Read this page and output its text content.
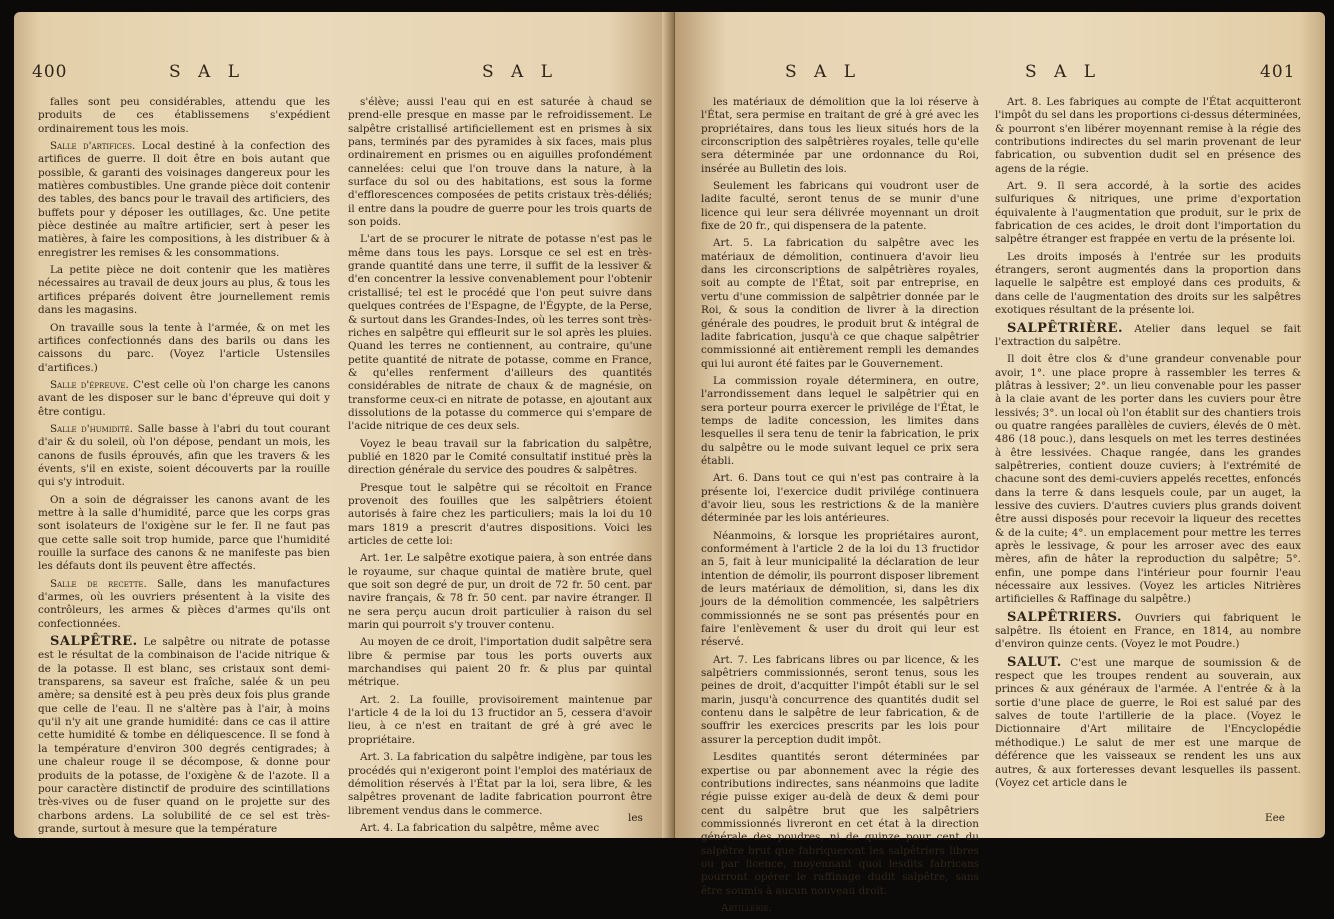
400	S A L	S A L

falles sont peu considérables, attendu que les produits de ces établissemens s'expédient ordinairement tous les mois.

Salle d'artifices. Local destiné à la confection des artifices de guerre. Il doit être en bois autant que possible, & garanti des voisinages dangereux pour les matières combustibles. Une grande pièce doit contenir des tables, des bancs pour le travail des artificiers, des buffets pour y déposer les outillages, &c. Une petite pièce destinée au maître artificier, sert à peser les matières, à faire les compositions, à les distribuer & à enregistrer les remises & les consommations.

La petite pièce ne doit contenir que les matières nécessaires au travail de deux jours au plus, & tous les artifices préparés doivent être journellement remis dans les magasins.

On travaille sous la tente à l'armée, & on met les artifices confectionnés dans des barils ou dans les caissons du parc. (Voyez l'article Ustensiles d'artifices.)

Salle d'épreuve. C'est celle où l'on charge les canons avant de les disposer sur le banc d'épreuve qui doit y être contigu.

Salle d'humidité. Salle basse à l'abri du tout courant d'air & du soleil, où l'on dépose, pendant un mois, les canons de fusils éprouvés, afin que les travers & les évents, s'il en existe, soient découverts par la rouille qui s'y introduit.

On a soin de dégraisser les canons avant de les mettre à la salle d'humidité, parce que les corps gras sont isolateurs de l'oxigène sur le fer. Il ne faut pas que cette salle soit trop humide, parce que l'humidité rouille la surface des canons & ne manifeste pas bien les défauts dont ils peuvent être affectés.

Salle de recette. Salle, dans les manufactures d'armes, où les ouvriers présentent à la visite des contrôleurs, les armes & pièces d'armes qu'ils ont confectionnées.

SALPÊTRE. Le salpêtre ou nitrate de potasse est le résultat de la combinaison de l'acide nitrique & de la potasse. Il est blanc, ses cristaux sont demi-transparens, sa saveur est fraîche, salée & un peu amère; sa densité est à peu près deux fois plus grande que celle de l'eau. Il ne s'altère pas à l'air, à moins qu'il n'y ait une grande humidité: dans ce cas il attire cette humidité & tombe en déliquescence. Il se fond à la température d'environ 300 degrés centigrades; à une chaleur rouge il se décompose, & donne pour produits de la potasse, de l'oxigène & de l'azote. Il a pour caractère distinctif de produire des scintillations très-vives ou de fuser quand on le projette sur des charbons ardens. La solubilité de ce sel est très-grande, surtout à mesure que la température

s'élève; aussi l'eau qui en est saturée à chaud se prend-elle presque en masse par le refroidissement. Le salpêtre cristallisé artificiellement est en prismes à six pans, terminés par des pyramides à six faces, mais plus ordinairement en prismes ou en aiguilles profondément cannelées: celui que l'on trouve dans la nature, à la surface du sol ou des habitations, est sous la forme d'efflorescences composées de petits cristaux très-déliés; il entre dans la poudre de guerre pour les trois quarts de son poids.

L'art de se procurer le nitrate de potasse n'est pas le même dans tous les pays. Lorsque ce sel est en très-grande quantité dans une terre, il suffit de la lessiver & d'en concentrer la lessive convenablement pour l'obtenir cristallisé; tel est le procédé que l'on peut suivre dans quelques contrées de l'Espagne, de l'Égypte, de la Perse, & surtout dans les Grandes-Indes, où les terres sont très-riches en salpêtre qui effleurit sur le sol après les pluies. Quand les terres ne contiennent, au contraire, qu'une petite quantité de nitrate de potasse, comme en France, & qu'elles renferment d'ailleurs des quantités considérables de nitrate de chaux & de magnésie, on transforme ceux-ci en nitrate de potasse, en ajoutant aux dissolutions de la potasse du commerce qui s'empare de l'acide nitrique de ces deux sels.

Voyez le beau travail sur la fabrication du salpêtre, publié en 1820 par le Comité consultatif institué près la direction générale du service des poudres & salpêtres.

Presque tout le salpêtre qui se récoltoit en France provenoit des fouilles que les salpêtriers étoient autorisés à faire chez les particuliers; mais la loi du 10 mars 1819 a prescrit d'autres dispositions. Voici les articles de cette loi:

Art. 1er. Le salpêtre exotique paiera, à son entrée dans le royaume, sur chaque quintal de matière brute, quel que soit son degré de pur, un droit de 72 fr. 50 cent. par navire français, & 78 fr. 50 cent. par navire étranger. Il ne sera perçu aucun droit particulier à raison du sel marin qui pourroit s'y trouver contenu.

Au moyen de ce droit, l'importation dudit salpêtre sera libre & permise par tous les ports ouverts aux marchandises qui paient 20 fr. & plus par quintal métrique.

Art. 2. La fouille, provisoirement maintenue par l'article 4 de la loi du 13 fructidor an 5, cessera d'avoir lieu, à ce n'est en traitant de gré à gré avec le propriétaire.

Art. 3. La fabrication du salpêtre indigène, par tous les procédés qui n'exigeront point l'emploi des matériaux de démolition réservés à l'État par la loi, sera libre, & les salpêtres provenant de ladite fabrication pourront être librement vendus dans le commerce.

Art. 4. La fabrication du salpêtre, même avec

les
S A L	S A L	401

les matériaux de démolition que la loi réserve à l'État, sera permise en traitant de gré à gré avec les propriétaires, dans tous les lieux situés hors de la circonscription des salpêtrières royales, telle qu'elle sera déterminée par une ordonnance du Roi, insérée au Bulletin des lois.

Seulement les fabricans qui voudront user de ladite faculté, seront tenus de se munir d'une licence qui leur sera délivrée moyennant un droit fixe de 20 fr., qui dispensera de la patente.

Art. 5. La fabrication du salpêtre avec les matériaux de démolition, continuera d'avoir lieu dans les circonscriptions de salpêtrières royales, soit au compte de l'État, soit par entreprise, en vertu d'une commission de salpêtrier donnée par le Roi, & sous la condition de livrer à la direction générale des poudres, le produit brut & intégral de ladite fabrication, jusqu'à ce que chaque salpêtrier commissionné ait entièrement rempli les demandes qui lui auront été faites par le Gouvernement.

La commission royale déterminera, en outre, l'arrondissement dans lequel le salpêtrier qui en sera porteur pourra exercer le privilége de l'État, le temps de ladite concession, les limites dans lesquelles il sera tenu de tenir la fabrication, le prix du salpêtre ou le mode suivant lequel ce prix sera établi.

Art. 6. Dans tout ce qui n'est pas contraire à la présente loi, l'exercice dudit privilége continuera d'avoir lieu, sous les restrictions & de la manière déterminée par les lois antérieures.

Néanmoins, & lorsque les propriétaires auront, conformément à l'article 2 de la loi du 13 fructidor an 5, fait à leur municipalité la déclaration de leur intention de démolir, ils pourront disposer librement de leurs matériaux de démolition, si, dans les dix jours de la démolition commencée, les salpêtriers commissionnés ne se sont pas présentés pour en faire l'enlèvement & user du droit qui leur est réservé.

Art. 7. Les fabricans libres ou par licence, & les salpêtriers commissionnés, seront tenus, sous les peines de droit, d'acquitter l'impôt établi sur le sel marin, jusqu'à concurrence des quantités dudit sel contenu dans le salpêtre de leur fabrication, & de souffrir les exercices prescrits par les lois pour assurer la perception dudit impôt.

Lesdites quantités seront déterminées par expertise ou par abonnement avec la régie des contributions indirectes, sans néanmoins que ladite régie puisse exiger au-delà de deux & demi pour cent du salpêtre brut que les salpêtriers commissionnés livreront en cet état à la direction générale des poudres, ni de quinze pour cent du salpêtre brut que fabriqueront les salpêtriers libres ou par licence, moyennant quoi lesdits fabricans pourront opérer le raffinage dudit salpêtre, sans être soumis à aucun nouveau droit.

Artillerie.

Art. 8. Les fabriques au compte de l'État acquitteront l'impôt du sel dans les proportions ci-dessus déterminées, & pourront s'en libérer moyennant remise à la régie des contributions indirectes du sel marin provenant de leur fabrication, ou subvention dudit sel en présence des agens de la régie.

Art. 9. Il sera accordé, à la sortie des acides sulfuriques & nitriques, une prime d'exportation équivalente à l'augmentation que produit, sur le prix de fabrication de ces acides, le droit dont l'importation du salpêtre étranger est frappée en vertu de la présente loi.

Les droits imposés à l'entrée sur les produits étrangers, seront augmentés dans la proportion dans laquelle le salpêtre est employé dans ces produits, & dans celle de l'augmentation des droits sur les salpêtres exotiques résultant de la présente loi.

SALPÊTRIÈRE. Atelier dans lequel se fait l'extraction du salpêtre.

Il doit être clos & d'une grandeur convenable pour avoir, 1°. une place propre à rassembler les terres & plâtras à lessiver; 2°. un lieu convenable pour les passer à la claie avant de les porter dans les cuviers pour être lessivés; 3°. un local où l'on établit sur des chantiers trois ou quatre rangées parallèles de cuviers, élevés de 0 mèt. 486 (18 pouc.), dans lesquels on met les terres destinées à être lessivées. Chaque rangée, dans les grandes salpêtreries, contient douze cuviers; à l'extrémité de chacune sont des demi-cuviers appelés recettes, enfoncés dans la terre & dans lesquels coule, par un auget, la lessive des cuviers. D'autres cuviers plus grands doivent être aussi disposés pour recevoir la liqueur des recettes & de la cuite; 4°. un emplacement pour mettre les terres après le lessivage, & pour les arroser avec des eaux mères, afin de hâter la reproduction du salpêtre; 5°. enfin, une pompe dans l'intérieur pour fournir l'eau nécessaire aux lessives. (Voyez les articles Nitrières artificielles & Raffinage du salpêtre.)

SALPÊTRIERS. Ouvriers qui fabriquent le salpêtre. Ils étoient en France, en 1814, au nombre d'environ quinze cents. (Voyez le mot Poudre.)

SALUT. C'est une marque de soumission & de respect que les troupes rendent au souverain, aux princes & aux généraux de l'armée. A l'entrée & à la sortie d'une place de guerre, le Roi est salué par des salves de toute l'artillerie de la place. (Voyez le Dictionnaire d'Art militaire de l'Encyclopédie méthodique.) Le salut de mer est une marque de déférence que les vaisseaux se rendent les uns aux autres, & aux forteresses devant lesquelles ils passent. (Voyez cet article dans le

Eee
